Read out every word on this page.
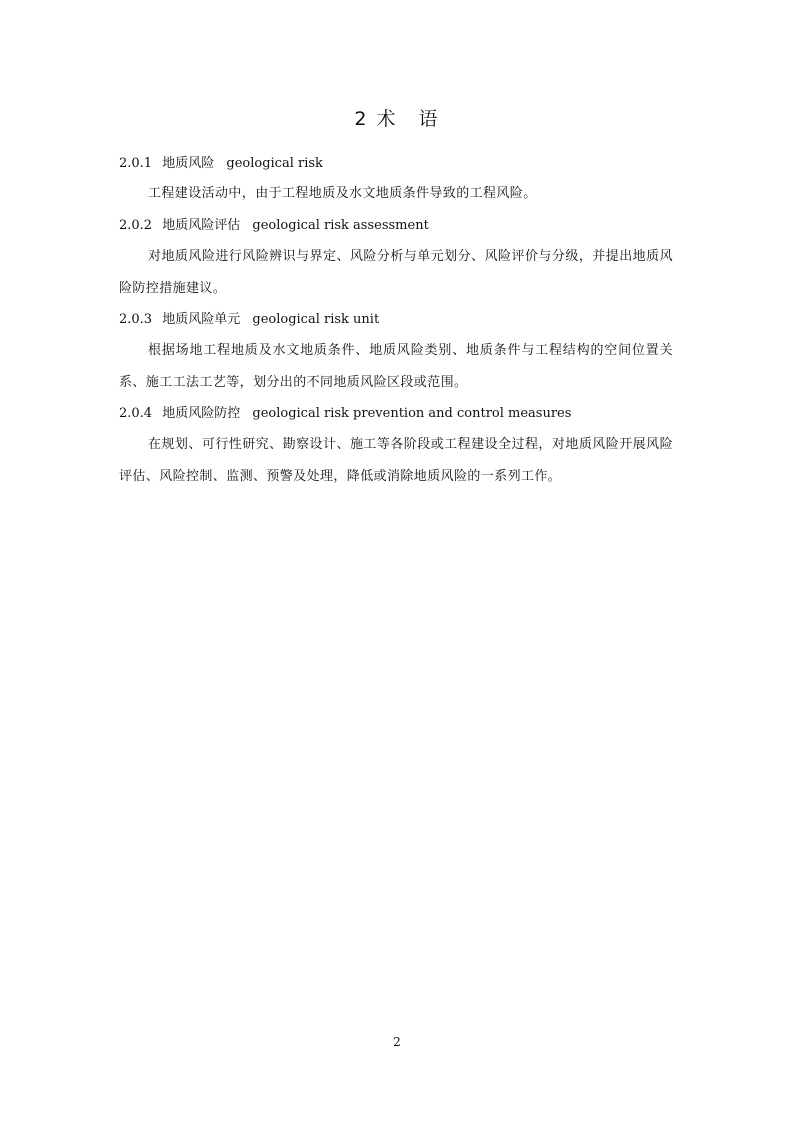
2 术　语
2.0.1 地质风险 geological risk

工程建设活动中，由于工程地质及水文地质条件导致的工程风险。

2.0.2 地质风险评估 geological risk assessment

对地质风险进行风险辨识与界定、风险分析与单元划分、风险评价与分级，并提出地质风险防控措施建议。

2.0.3 地质风险单元 geological risk unit

根据场地工程地质及水文地质条件、地质风险类别、地质条件与工程结构的空间位置关系、施工工法工艺等，划分出的不同地质风险区段或范围。

2.0.4 地质风险防控 geological risk prevention and control measures

在规划、可行性研究、勘察设计、施工等各阶段或工程建设全过程，对地质风险开展风险评估、风险控制、监测、预警及处理，降低或消除地质风险的一系列工作。

2
